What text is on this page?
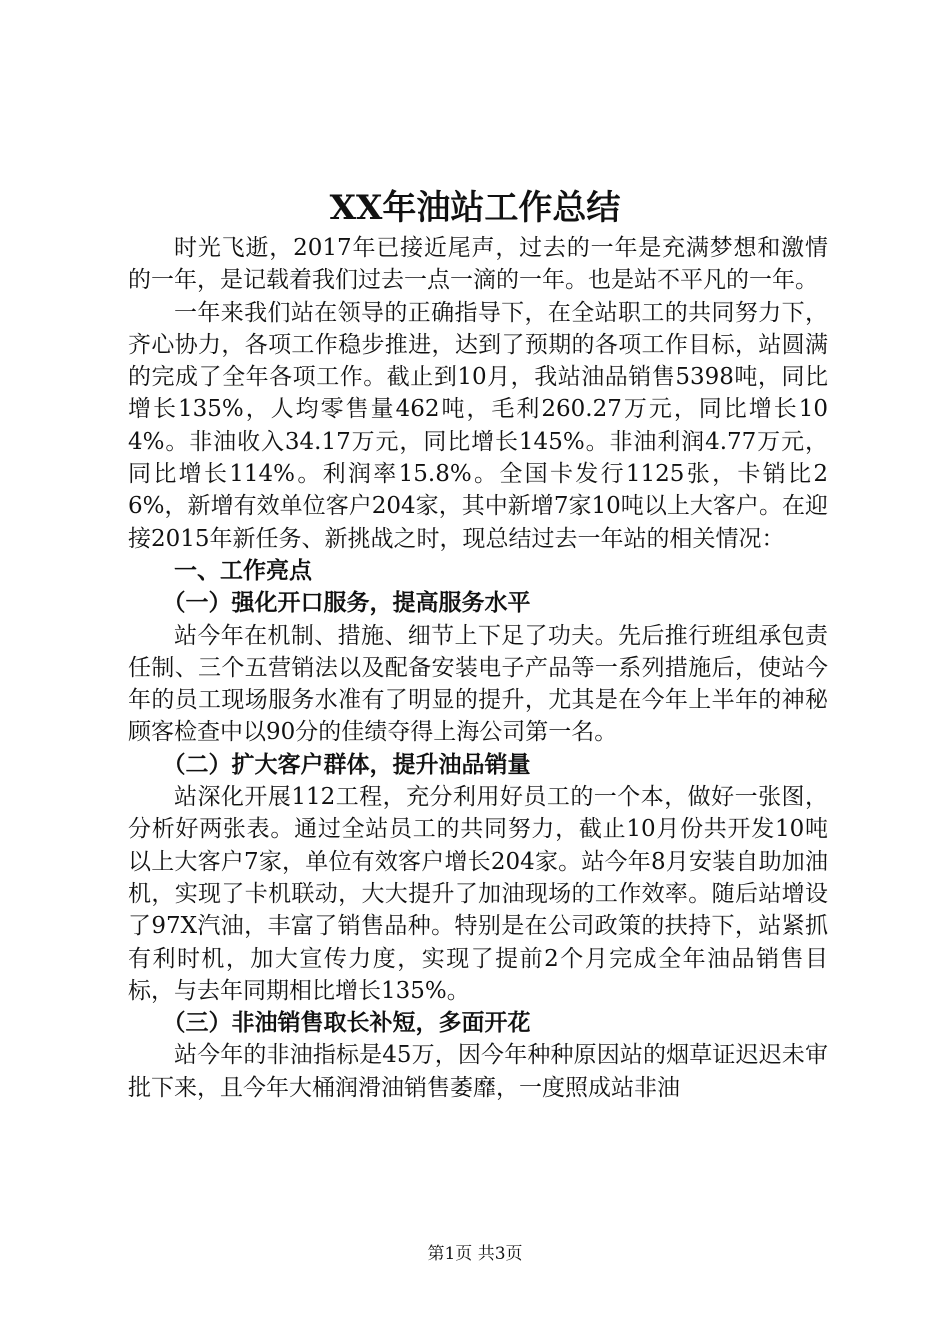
XX年油站工作总结

时光飞逝，2017年已接近尾声，过去的一年是充满梦想和激情的一年，是记载着我们过去一点一滴的一年。也是站不平凡的一年。

一年来我们站在领导的正确指导下，在全站职工的共同努力下，齐心协力，各项工作稳步推进，达到了预期的各项工作目标，站圆满的完成了全年各项工作。截止到10月，我站油品销售5398吨，同比增长135%，人均零售量462吨，毛利260.27万元，同比增长104%。非油收入34.17万元，同比增长145%。非油利润4.77万元，同比增长114%。利润率15.8%。全国卡发行1125张，卡销比26%，新增有效单位客户204家，其中新增7家10吨以上大客户。在迎接2015年新任务、新挑战之时，现总结过去一年站的相关情况：

一、工作亮点

（一）强化开口服务，提高服务水平

站今年在机制、措施、细节上下足了功夫。先后推行班组承包责任制、三个五营销法以及配备安装电子产品等一系列措施后，使站今年的员工现场服务水准有了明显的提升，尤其是在今年上半年的神秘顾客检查中以90分的佳绩夺得上海公司第一名。

（二）扩大客户群体，提升油品销量

站深化开展112工程，充分利用好员工的一个本，做好一张图，分析好两张表。通过全站员工的共同努力，截止10月份共开发10吨以上大客户7家，单位有效客户增长204家。站今年8月安装自助加油机，实现了卡机联动，大大提升了加油现场的工作效率。随后站增设了97X汽油，丰富了销售品种。特别是在公司政策的扶持下，站紧抓有利时机，加大宣传力度，实现了提前2个月完成全年油品销售目标，与去年同期相比增长135%。

（三）非油销售取长补短，多面开花

站今年的非油指标是45万，因今年种种原因站的烟草证迟迟未审批下来，且今年大桶润滑油销售萎靡，一度照成站非油

第1页 共3页
